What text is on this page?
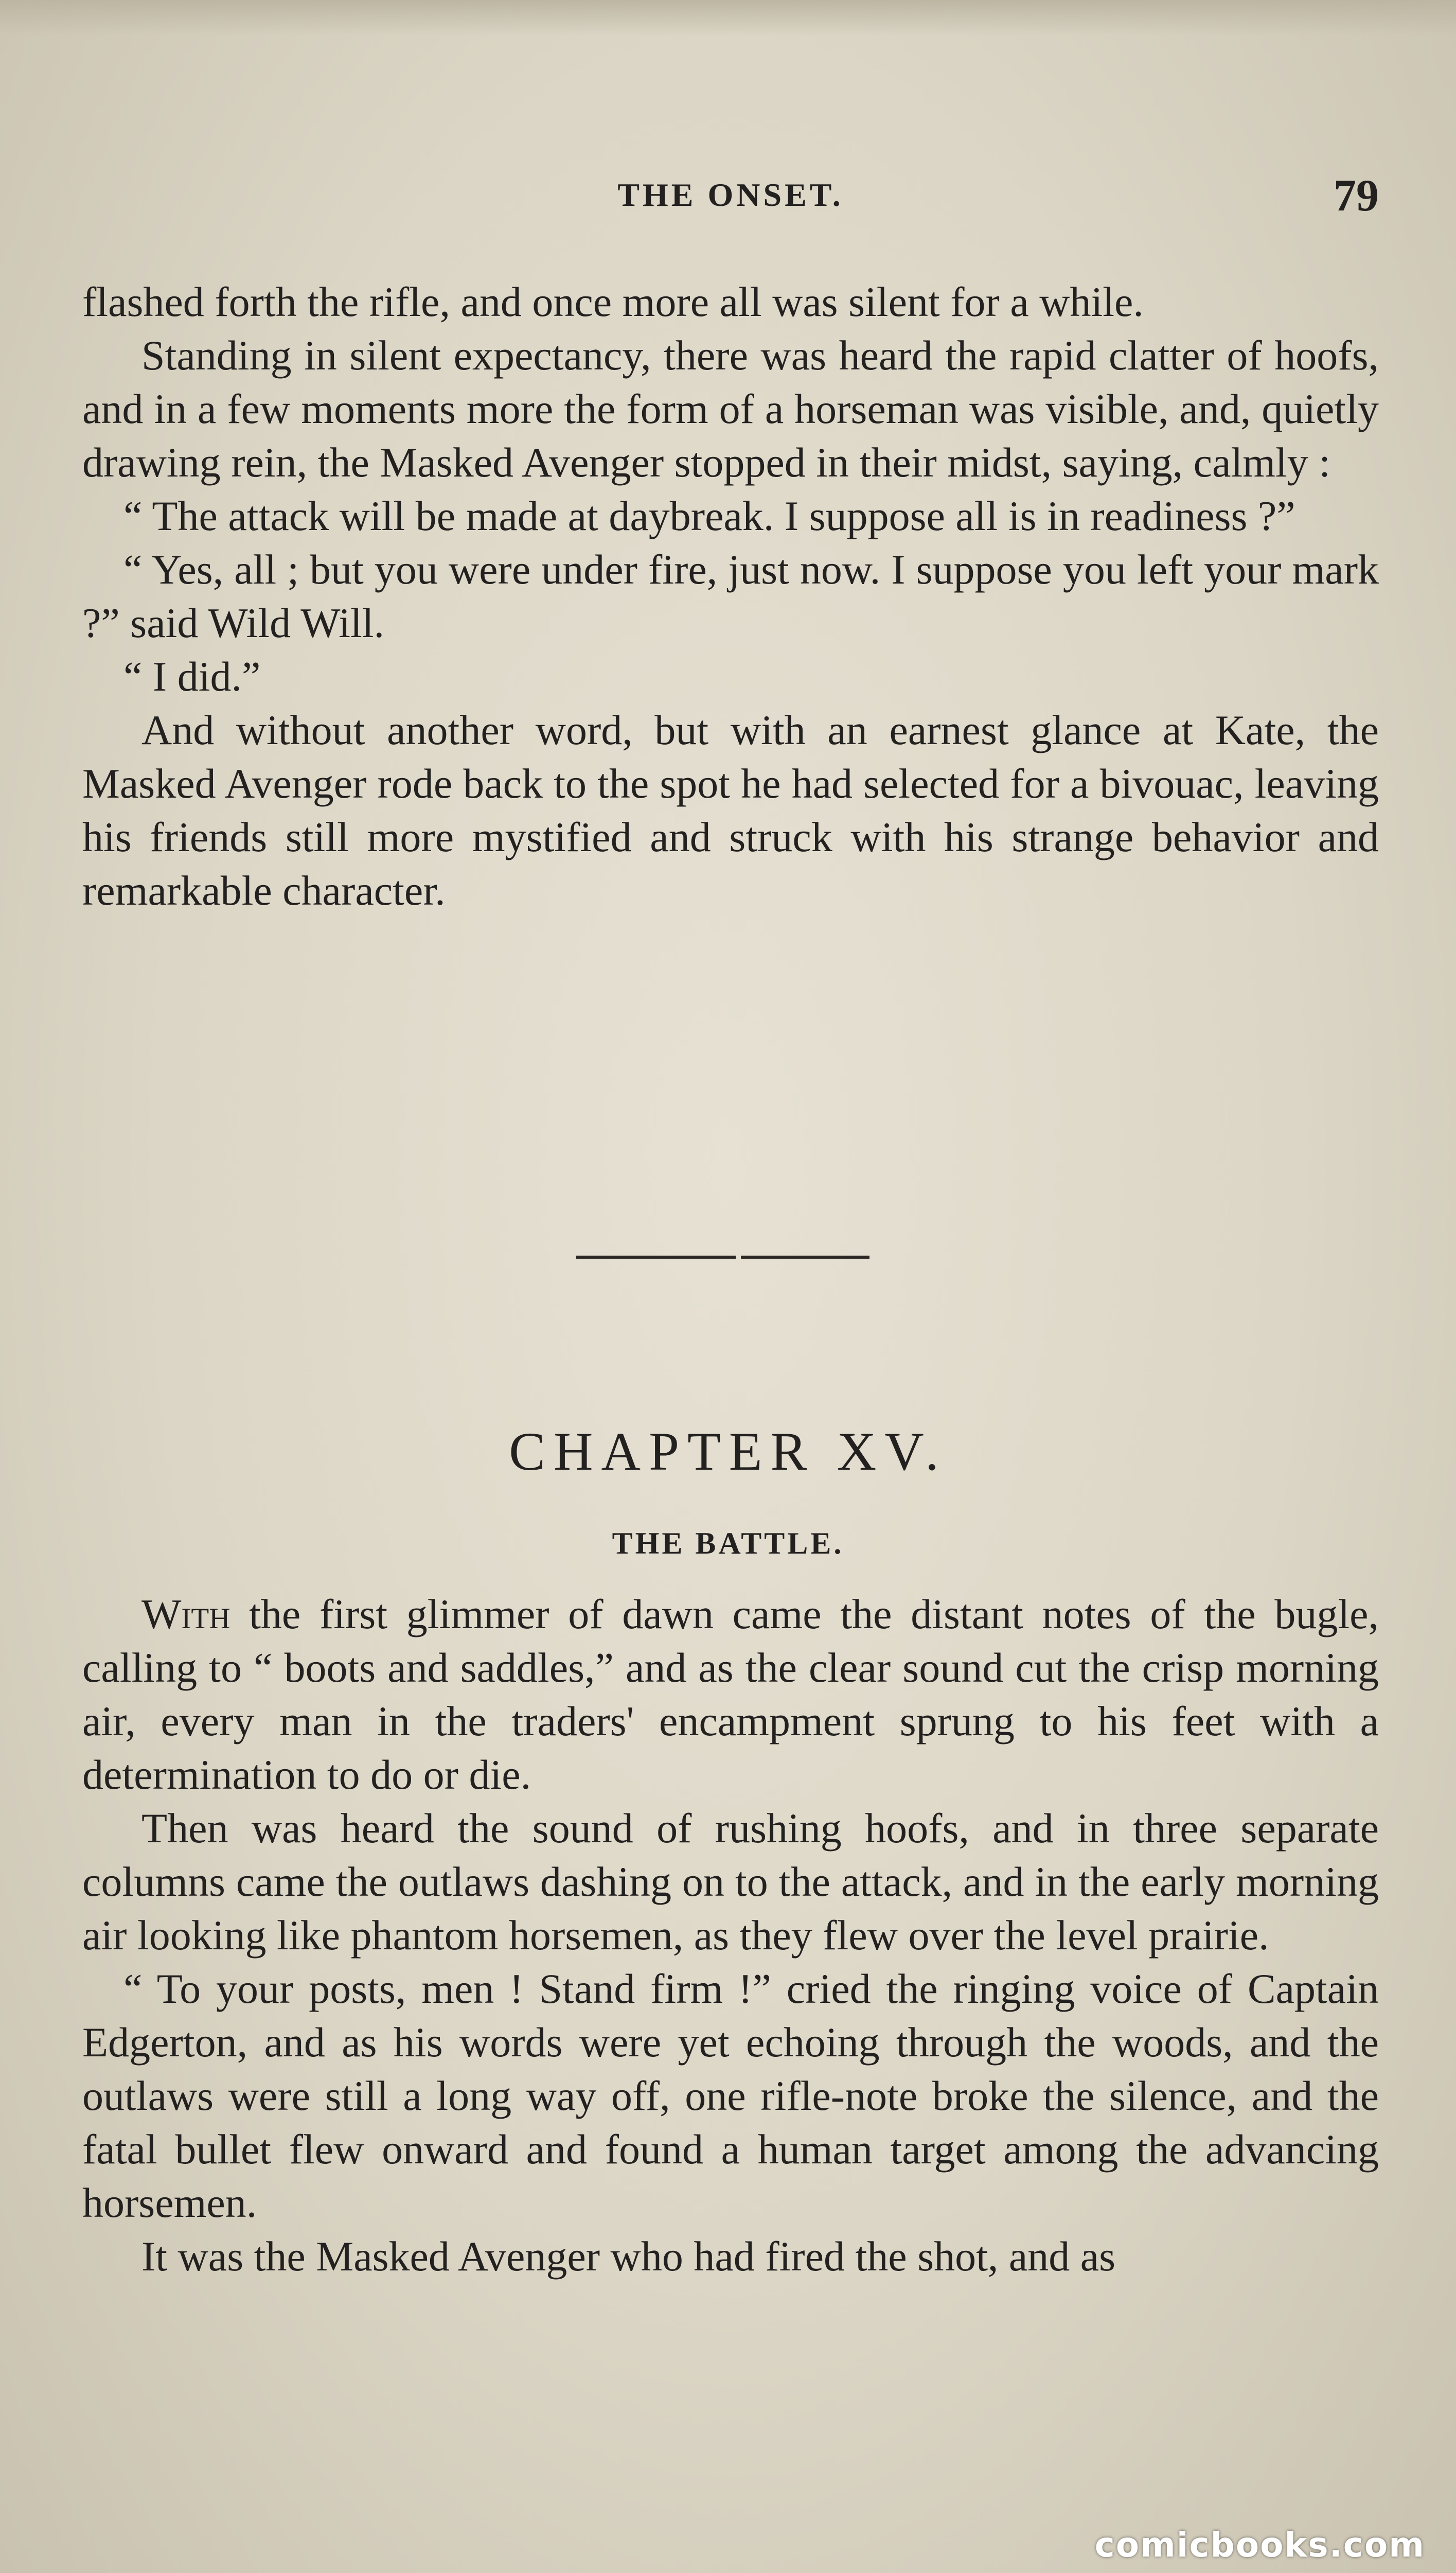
THE ONSET.	79

flashed forth the rifle, and once more all was silent for a while.

Standing in silent expectancy, there was heard the rapid clatter of hoofs, and in a few moments more the form of a horseman was visible, and, quietly drawing rein, the Masked Avenger stopped in their midst, saying, calmly :

“ The attack will be made at daybreak. I suppose all is in readiness ?”

“ Yes, all ; but you were under fire, just now. I suppose you left your mark ?” said Wild Will.

“ I did.”

And without another word, but with an earnest glance at Kate, the Masked Avenger rode back to the spot he had selected for a bivouac, leaving his friends still more mystified and struck with his strange behavior and remarkable character.

CHAPTER XV.
THE BATTLE.

With the first glimmer of dawn came the distant notes of the bugle, calling to “ boots and saddles,” and as the clear sound cut the crisp morning air, every man in the traders' encampment sprung to his feet with a determination to do or die.

Then was heard the sound of rushing hoofs, and in three separate columns came the outlaws dashing on to the attack, and in the early morning air looking like phantom horsemen, as they flew over the level prairie.

“ To your posts, men ! Stand firm !” cried the ringing voice of Captain Edgerton, and as his words were yet echoing through the woods, and the outlaws were still a long way off, one rifle-note broke the silence, and the fatal bullet flew onward and found a human target among the advancing horsemen.

It was the Masked Avenger who had fired the shot, and as

comicbooks.com
